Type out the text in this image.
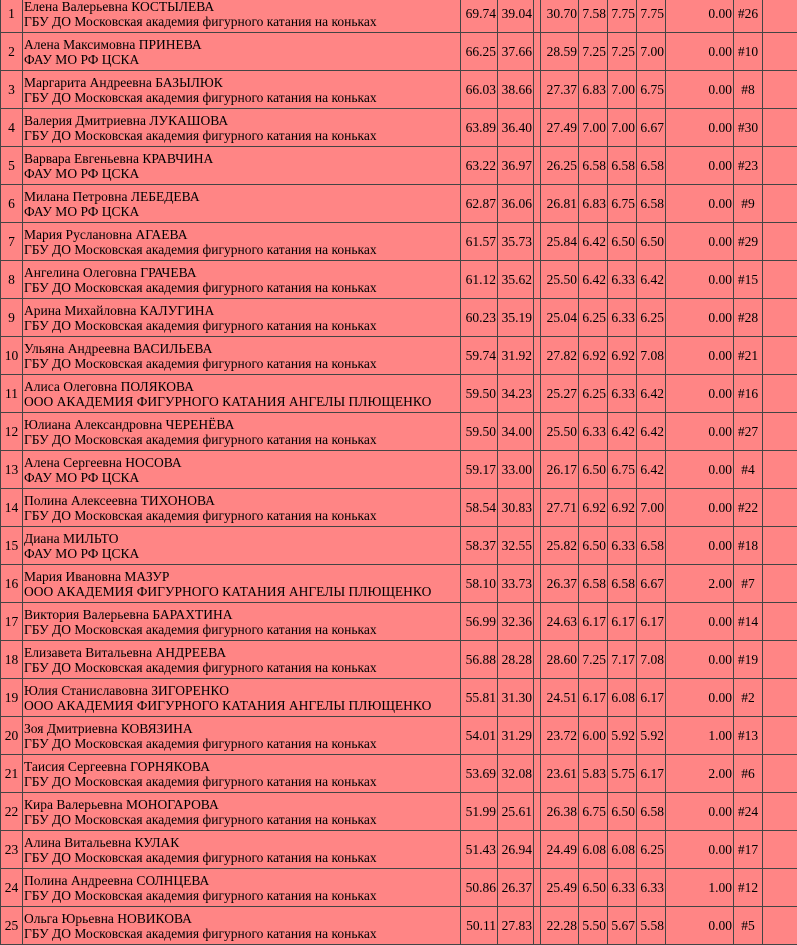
1	Елена Валерьевна КОСТЫЛЕВА
ГБУ ДО Московская академия фигурного катания на коньках	69.74	39.04		30.70	7.58	7.75	7.75	0.00	#26	
2	Алена Максимовна ПРИНЕВА
ФАУ МО РФ ЦСКА	66.25	37.66		28.59	7.25	7.25	7.00	0.00	#10	
3	Маргарита Андреевна БАЗЫЛЮК
ГБУ ДО Московская академия фигурного катания на коньках	66.03	38.66		27.37	6.83	7.00	6.75	0.00	#8	
4	Валерия Дмитриевна ЛУКАШОВА
ГБУ ДО Московская академия фигурного катания на коньках	63.89	36.40		27.49	7.00	7.00	6.67	0.00	#30	
5	Варвара Евгеньевна КРАВЧИНА
ФАУ МО РФ ЦСКА	63.22	36.97		26.25	6.58	6.58	6.58	0.00	#23	
6	Милана Петровна ЛЕБЕДЕВА
ФАУ МО РФ ЦСКА	62.87	36.06		26.81	6.83	6.75	6.58	0.00	#9	
7	Мария Руслановна АГАЕВА
ГБУ ДО Московская академия фигурного катания на коньках	61.57	35.73		25.84	6.42	6.50	6.50	0.00	#29	
8	Ангелина Олеговна ГРАЧЕВА
ГБУ ДО Московская академия фигурного катания на коньках	61.12	35.62		25.50	6.42	6.33	6.42	0.00	#15	
9	Арина Михайловна КАЛУГИНА
ГБУ ДО Московская академия фигурного катания на коньках	60.23	35.19		25.04	6.25	6.33	6.25	0.00	#28	
10	Ульяна Андреевна ВАСИЛЬЕВА
ГБУ ДО Московская академия фигурного катания на коньках	59.74	31.92		27.82	6.92	6.92	7.08	0.00	#21	
11	Алиса Олеговна ПОЛЯКОВА
ООО АКАДЕМИЯ ФИГУРНОГО КАТАНИЯ АНГЕЛЫ ПЛЮЩЕНКО	59.50	34.23		25.27	6.25	6.33	6.42	0.00	#16	
12	Юлиана Александровна ЧЕРЕНЁВА
ГБУ ДО Московская академия фигурного катания на коньках	59.50	34.00		25.50	6.33	6.42	6.42	0.00	#27	
13	Алена Сергеевна НОСОВА
ФАУ МО РФ ЦСКА	59.17	33.00		26.17	6.50	6.75	6.42	0.00	#4	
14	Полина Алексеевна ТИХОНОВА
ГБУ ДО Московская академия фигурного катания на коньках	58.54	30.83		27.71	6.92	6.92	7.00	0.00	#22	
15	Диана МИЛЬТО
ФАУ МО РФ ЦСКА	58.37	32.55		25.82	6.50	6.33	6.58	0.00	#18	
16	Мария Ивановна МАЗУР
ООО АКАДЕМИЯ ФИГУРНОГО КАТАНИЯ АНГЕЛЫ ПЛЮЩЕНКО	58.10	33.73		26.37	6.58	6.58	6.67	2.00	#7	
17	Виктория Валерьевна БАРАХТИНА
ГБУ ДО Московская академия фигурного катания на коньках	56.99	32.36		24.63	6.17	6.17	6.17	0.00	#14	
18	Елизавета Витальевна АНДРЕЕВА
ГБУ ДО Московская академия фигурного катания на коньках	56.88	28.28		28.60	7.25	7.17	7.08	0.00	#19	
19	Юлия Станиславовна ЗИГОРЕНКО
ООО АКАДЕМИЯ ФИГУРНОГО КАТАНИЯ АНГЕЛЫ ПЛЮЩЕНКО	55.81	31.30		24.51	6.17	6.08	6.17	0.00	#2	
20	Зоя Дмитриевна КОВЯЗИНА
ГБУ ДО Московская академия фигурного катания на коньках	54.01	31.29		23.72	6.00	5.92	5.92	1.00	#13	
21	Таисия Сергеевна ГОРНЯКОВА
ГБУ ДО Московская академия фигурного катания на коньках	53.69	32.08		23.61	5.83	5.75	6.17	2.00	#6	
22	Кира Валерьевна МОНОГАРОВА
ГБУ ДО Московская академия фигурного катания на коньках	51.99	25.61		26.38	6.75	6.50	6.58	0.00	#24	
23	Алина Витальевна КУЛАК
ГБУ ДО Московская академия фигурного катания на коньках	51.43	26.94		24.49	6.08	6.08	6.25	0.00	#17	
24	Полина Андреевна СОЛНЦЕВА
ГБУ ДО Московская академия фигурного катания на коньках	50.86	26.37		25.49	6.50	6.33	6.33	1.00	#12	
25	Ольга Юрьевна НОВИКОВА
ГБУ ДО Московская академия фигурного катания на коньках	50.11	27.83		22.28	5.50	5.67	5.58	0.00	#5	
